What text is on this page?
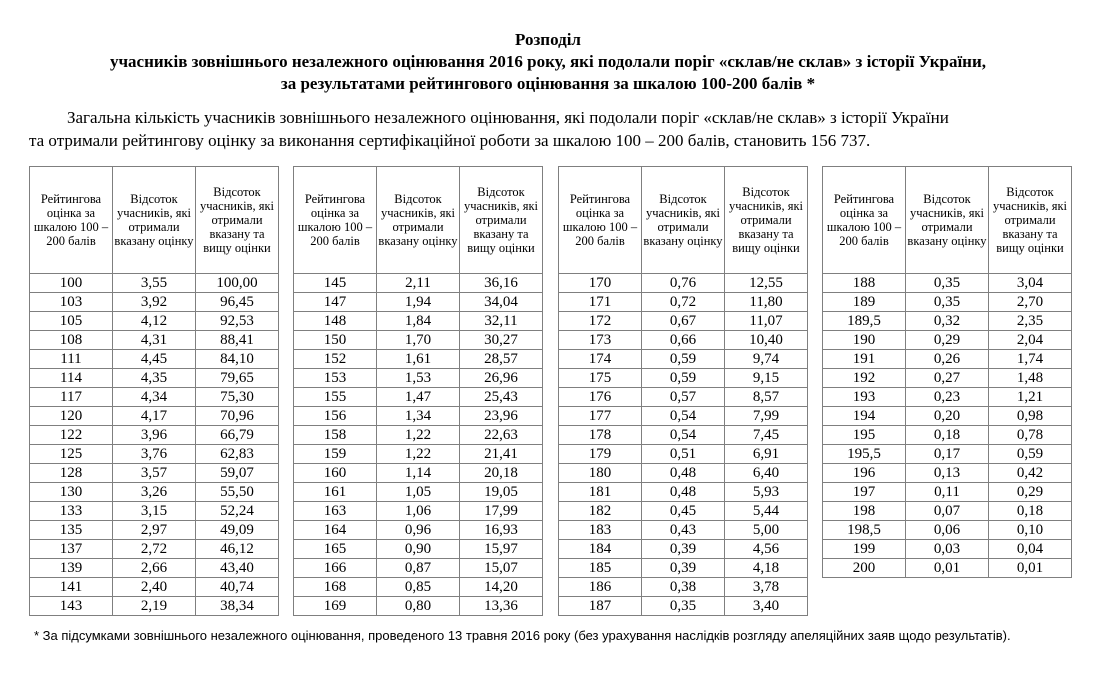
Розподіл
учасників зовнішнього незалежного оцінювання 2016 року, які подолали поріг «склав/не склав» з історії України,
за результатами рейтингового оцінювання за шкалою 100-200 балів *
Загальна кількість учасників зовнішнього незалежного оцінювання, які подолали поріг «склав/не склав» з історії України
та отримали рейтингову оцінку за виконання сертифікаційної роботи за шкалою 100 – 200 балів, становить 156 737.
Рейтингова оцінка за шкалою 100 – 200 балів	Відсоток учасників, які отримали вказану оцінку	Відсоток учасників, які отримали вказану та вищу оцінки
100	3,55	100,00
103	3,92	96,45
105	4,12	92,53
108	4,31	88,41
111	4,45	84,10
114	4,35	79,65
117	4,34	75,30
120	4,17	70,96
122	3,96	66,79
125	3,76	62,83
128	3,57	59,07
130	3,26	55,50
133	3,15	52,24
135	2,97	49,09
137	2,72	46,12
139	2,66	43,40
141	2,40	40,74
143	2,19	38,34
Рейтингова оцінка за шкалою 100 – 200 балів	Відсоток учасників, які отримали вказану оцінку	Відсоток учасників, які отримали вказану та вищу оцінки
145	2,11	36,16
147	1,94	34,04
148	1,84	32,11
150	1,70	30,27
152	1,61	28,57
153	1,53	26,96
155	1,47	25,43
156	1,34	23,96
158	1,22	22,63
159	1,22	21,41
160	1,14	20,18
161	1,05	19,05
163	1,06	17,99
164	0,96	16,93
165	0,90	15,97
166	0,87	15,07
168	0,85	14,20
169	0,80	13,36
Рейтингова оцінка за шкалою 100 – 200 балів	Відсоток учасників, які отримали вказану оцінку	Відсоток учасників, які отримали вказану та вищу оцінки
170	0,76	12,55
171	0,72	11,80
172	0,67	11,07
173	0,66	10,40
174	0,59	9,74
175	0,59	9,15
176	0,57	8,57
177	0,54	7,99
178	0,54	7,45
179	0,51	6,91
180	0,48	6,40
181	0,48	5,93
182	0,45	5,44
183	0,43	5,00
184	0,39	4,56
185	0,39	4,18
186	0,38	3,78
187	0,35	3,40
Рейтингова оцінка за шкалою 100 – 200 балів	Відсоток учасників, які отримали вказану оцінку	Відсоток учасників, які отримали вказану та вищу оцінки
188	0,35	3,04
189	0,35	2,70
189,5	0,32	2,35
190	0,29	2,04
191	0,26	1,74
192	0,27	1,48
193	0,23	1,21
194	0,20	0,98
195	0,18	0,78
195,5	0,17	0,59
196	0,13	0,42
197	0,11	0,29
198	0,07	0,18
198,5	0,06	0,10
199	0,03	0,04
200	0,01	0,01
* За підсумками зовнішнього незалежного оцінювання, проведеного 13 травня 2016 року (без урахування наслідків розгляду апеляційних заяв щодо результатів).
